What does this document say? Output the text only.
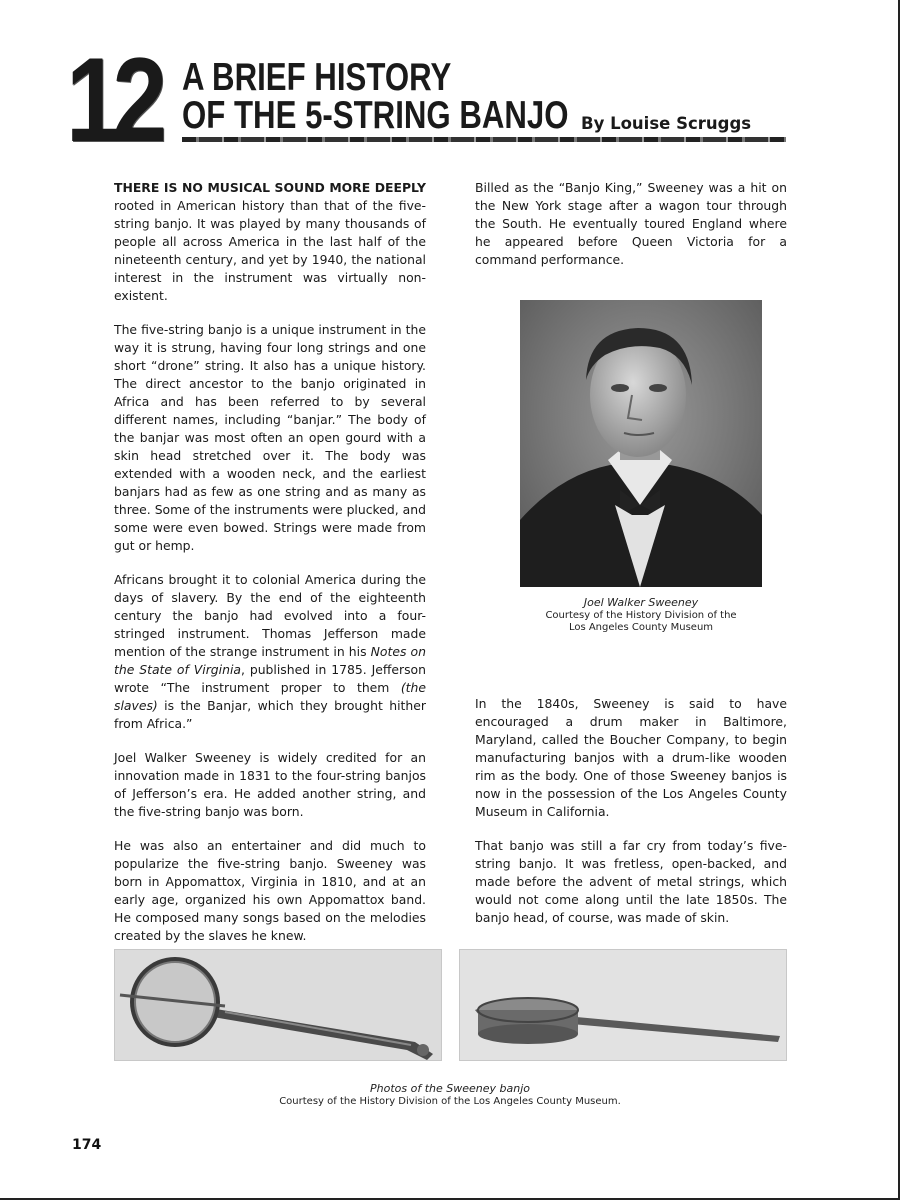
12 A BRIEF HISTORY
OF THE 5-STRING BANJO By Louise Scruggs

THERE IS NO MUSICAL SOUND MORE DEEPLY rooted in American history than that of the five-string banjo. It was played by many thousands of people all across America in the last half of the nineteenth century, and yet by 1940, the national interest in the instrument was virtually non-existent.

The five-string banjo is a unique instrument in the way it is strung, having four long strings and one short “drone” string. It also has a unique history. The direct ancestor to the banjo originated in Africa and has been referred to by several different names, including “banjar.” The body of the banjar was most often an open gourd with a skin head stretched over it. The body was extended with a wooden neck, and the earliest banjars had as few as one string and as many as three. Some of the instruments were plucked, and some were even bowed. Strings were made from gut or hemp.

Africans brought it to colonial America during the days of slavery. By the end of the eighteenth century the banjo had evolved into a four-stringed instrument. Thomas Jefferson made mention of the strange instrument in his Notes on the State of Virginia, published in 1785. Jefferson wrote “The instrument proper to them (the slaves) is the Banjar, which they brought hither from Africa.”

Joel Walker Sweeney is widely credited for an innovation made in 1831 to the four-string banjos of Jefferson’s era. He added another string, and the five-string banjo was born.

He was also an entertainer and did much to popularize the five-string banjo. Sweeney was born in Appomattox, Virginia in 1810, and at an early age, organized his own Appomattox band. He composed many songs based on the melodies created by the slaves he knew.

Billed as the “Banjo King,” Sweeney was a hit on the New York stage after a wagon tour through the South. He eventually toured England where he appeared before Queen Victoria for a command performance.

Joel Walker Sweeney
Courtesy of the History Division of the
Los Angeles County Museum

In the 1840s, Sweeney is said to have encouraged a drum maker in Baltimore, Maryland, called the Boucher Company, to begin manufacturing banjos with a drum-like wooden rim as the body. One of those Sweeney banjos is now in the possession of the Los Angeles County Museum in California.

That banjo was still a far cry from today’s five-string banjo. It was fretless, open-backed, and made before the advent of metal strings, which would not come along until the late 1850s. The banjo head, of course, was made of skin.

Photos of the Sweeney banjo
Courtesy of the History Division of the Los Angeles County Museum.
174
